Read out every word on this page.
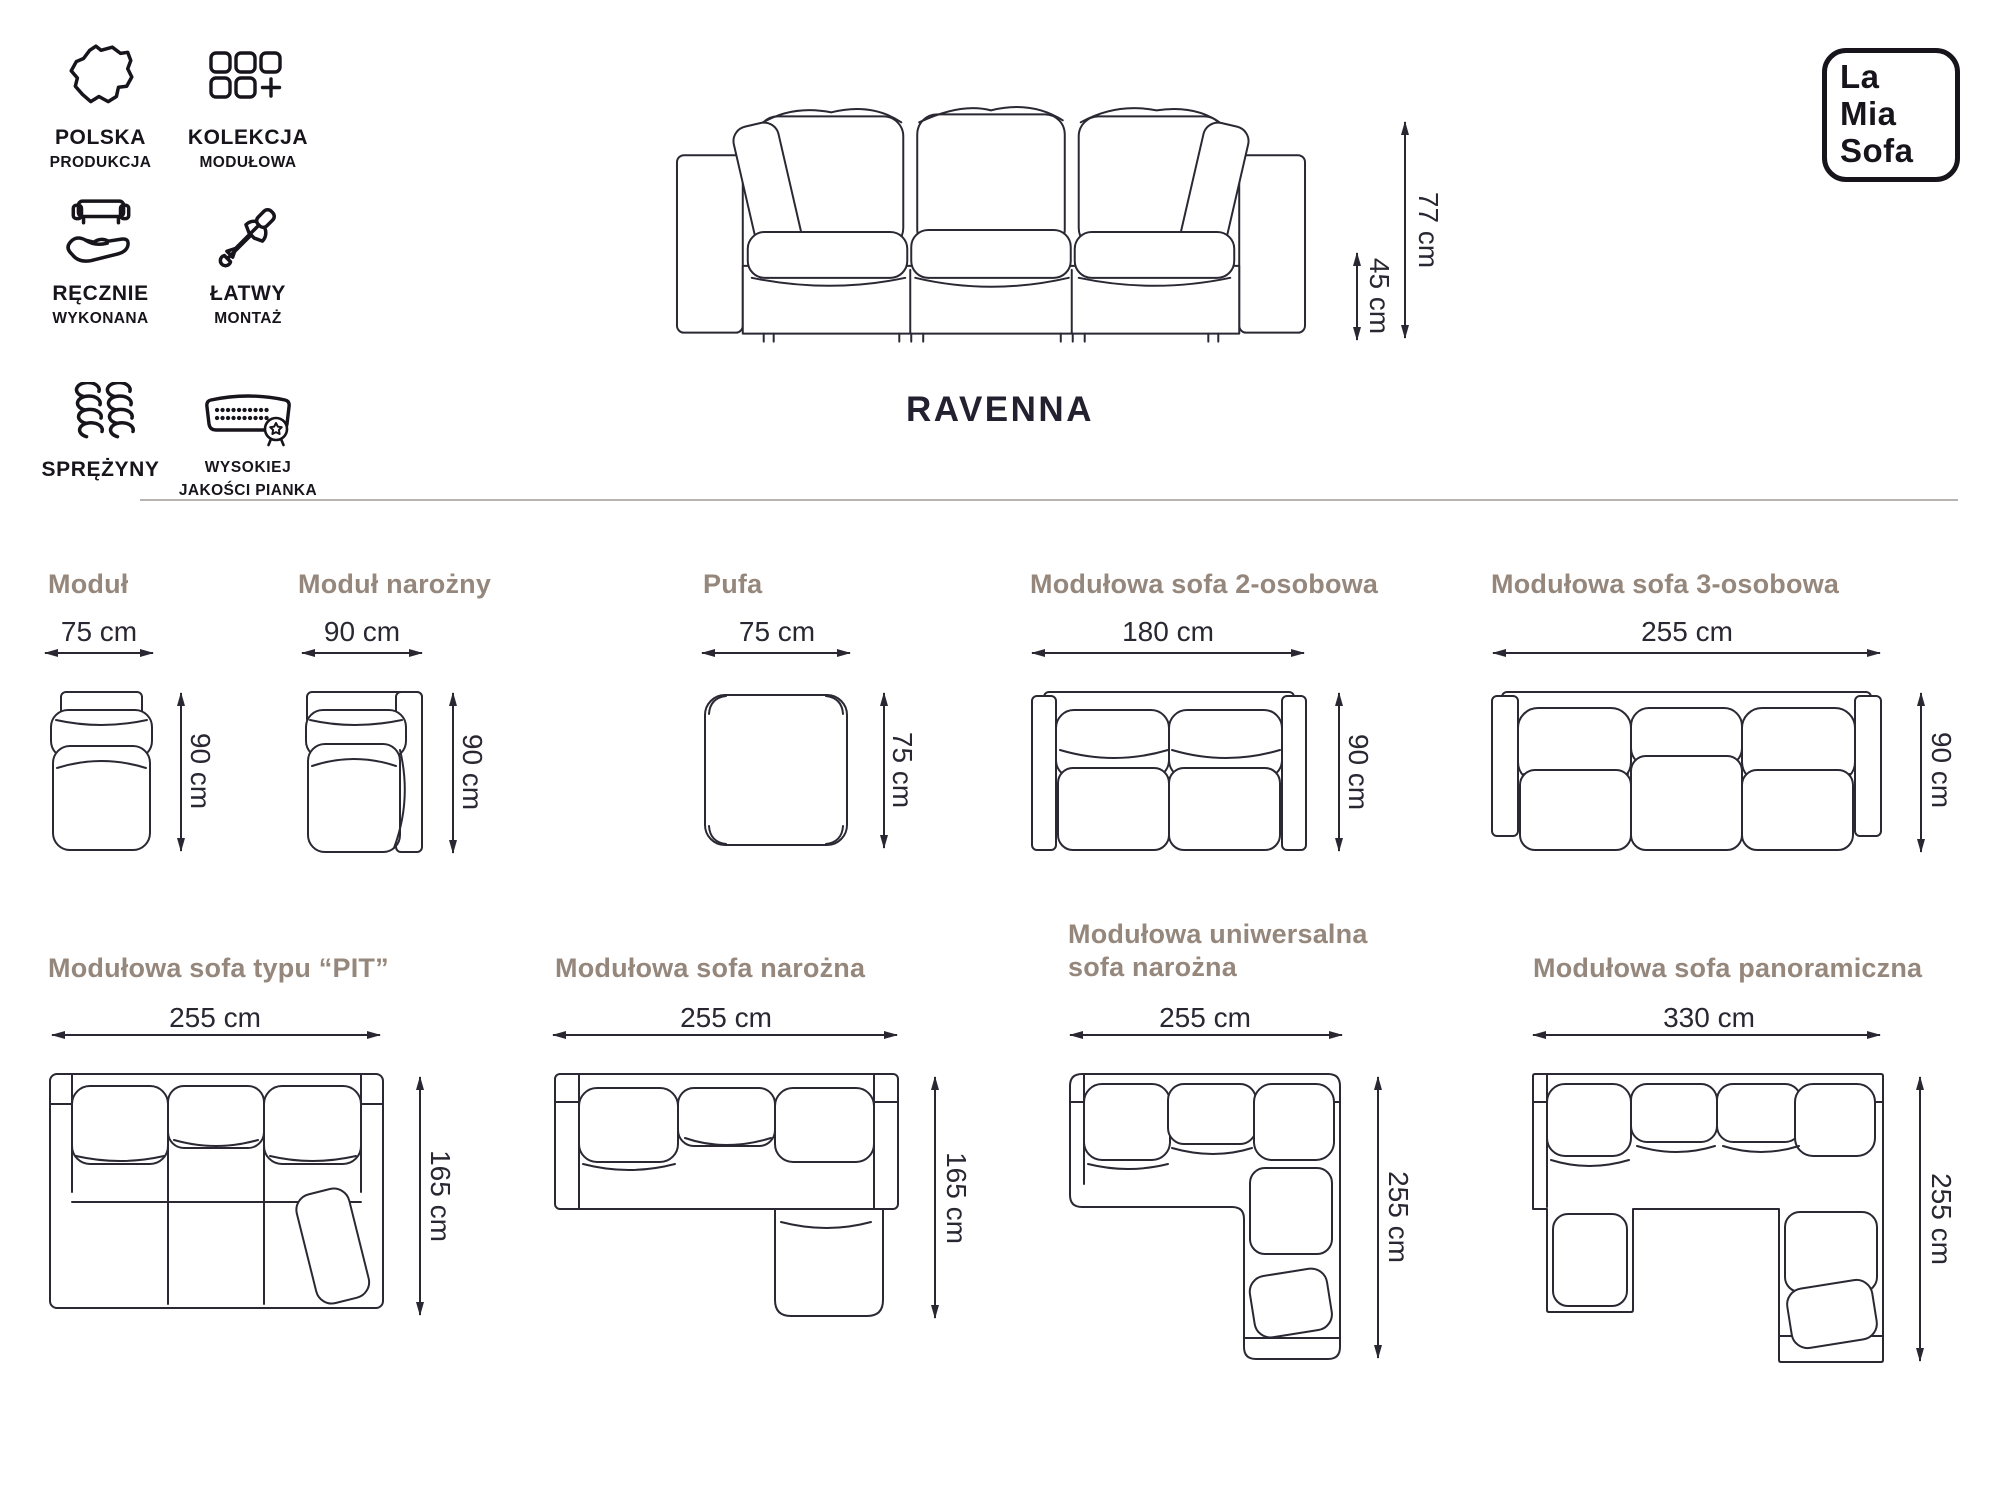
POLSKA
PRODUKCJA
KOLEKCJA
MODUŁOWA
RĘCZNIE
WYKONANA
ŁATWY
MONTAŻ
SPRĘŻYNY	WYSOKIEJ
JAKOŚCI PIANKA
La
Mia
Sofa
77 cm
45 cm
RAVENNA
Moduł
75 cm
90 cm
Moduł narożny
90 cm
90 cm
Pufa
75 cm
75 cm
Modułowa sofa 2-osobowa
180 cm
90 cm
Modułowa sofa 3-osobowa
255 cm
90 cm
Modułowa sofa typu “PIT”
255 cm
165 cm
Modułowa sofa narożna
255 cm
165 cm
Modułowa uniwersalna sofa narożna
255 cm
255 cm
Modułowa sofa panoramiczna
330 cm
255 cm
